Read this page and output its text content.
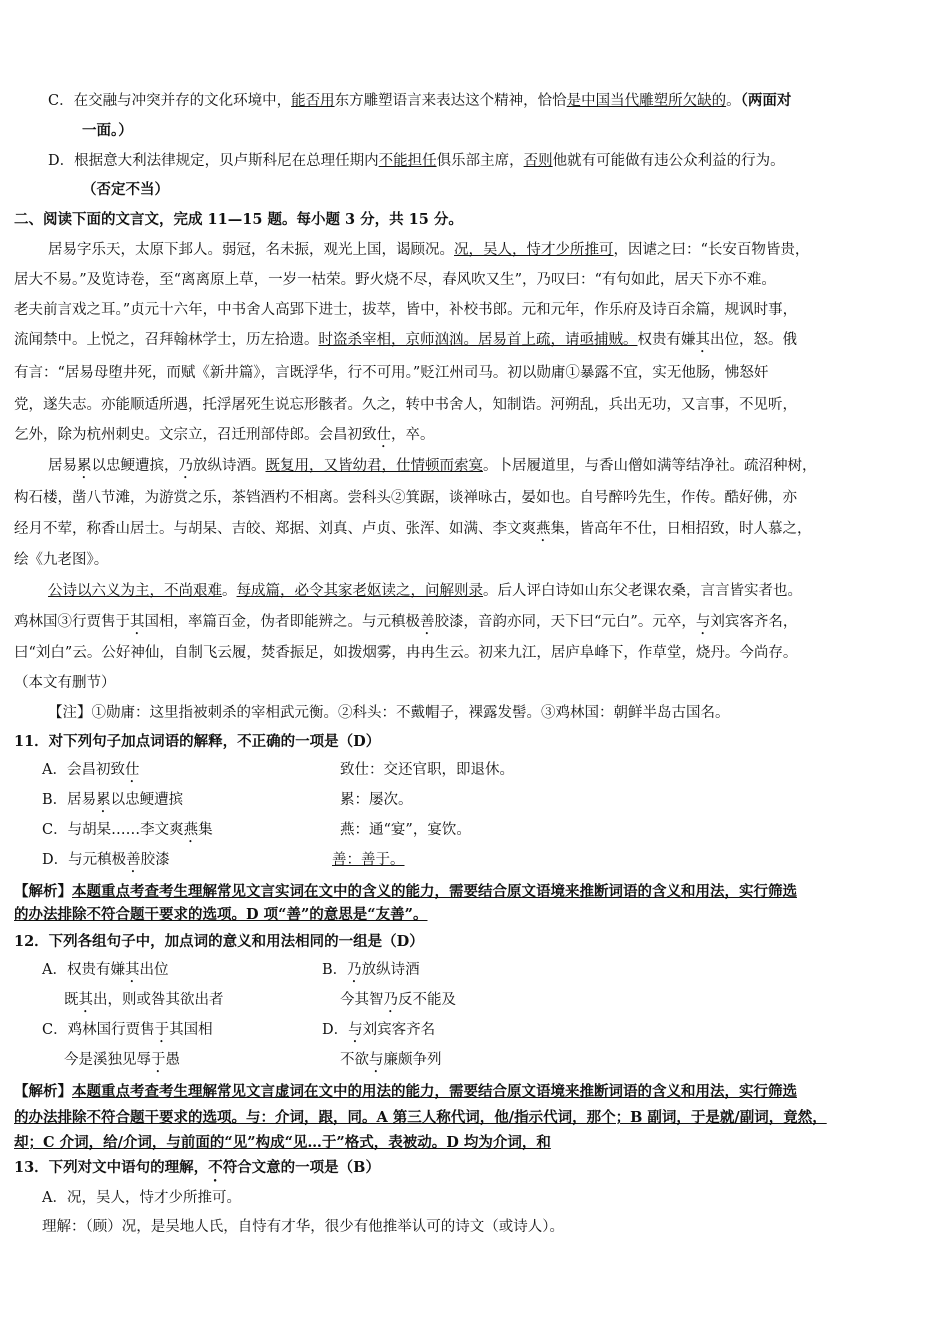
C．在交融与冲突并存的文化环境中，能否用东方雕塑语言来表达这个精神，恰恰是中国当代雕塑所欠缺的。（两面对
一面。）
D．根据意大利法律规定，贝卢斯科尼在总理任期内不能担任俱乐部主席，否则他就有可能做有违公众利益的行为。
（否定不当）
二、阅读下面的文言文，完成 11—15 题。每小题 3 分，共 15 分。
居易字乐天，太原下邽人。弱冠，名未振，观光上国，谒顾况。况，吴人，恃才少所推可，因谑之曰：“长安百物皆贵，
居大不易。”及览诗卷，至“离离原上草，一岁一枯荣。野火烧不尽，春风吹又生”，乃叹曰：“有句如此，居天下亦不难。
老夫前言戏之耳。”贞元十六年，中书舍人高郢下进士，拔萃，皆中，补校书郎。元和元年，作乐府及诗百余篇，规讽时事，
流闻禁中。上悦之，召拜翰林学士，历左拾遗。时盗杀宰相，京师汹汹。居易首上疏，请亟捕贼。权贵有嫌其出位，怒。俄
有言：“居易母堕井死，而赋《新井篇》，言既浮华，行不可用。”贬江州司马。初以勋庸①暴露不宜，实无他肠，怫怒奸
党，遂失志。亦能顺适所遇，托浮屠死生说忘形骸者。久之，转中书舍人，知制诰。河朔乱，兵出无功，又言事，不见听，
乞外，除为杭州刺史。文宗立，召迁刑部侍郎。会昌初致仕，卒。
居易累以忠鲠遭摈，乃放纵诗酒。既复用，又皆幼君，仕情顿而索寞。卜居履道里，与香山僧如满等结净社。疏沼种树，
构石楼，凿八节滩，为游赏之乐，茶铛酒杓不相离。尝科头②箕踞，谈禅咏古，晏如也。自号醉吟先生，作传。酷好佛，亦
经月不荤，称香山居士。与胡杲、吉皎、郑据、刘真、卢贞、张浑、如满、李文爽燕集，皆高年不仕，日相招致，时人慕之，
绘《九老图》。
公诗以六义为主，不尚艰难。每成篇，必令其家老妪读之，问解则录。后人评白诗如山东父老课农桑，言言皆实者也。
鸡林国③行贾售于其国相，率篇百金，伪者即能辨之。与元稹极善胶漆，音韵亦同，天下曰“元白”。元卒，与刘宾客齐名，
曰“刘白”云。公好神仙，自制飞云履，焚香振足，如拨烟雾，冉冉生云。初来九江，居庐阜峰下，作草堂，烧丹。今尚存。
（本文有删节）
【注】①勋庸：这里指被刺杀的宰相武元衡。②科头：不戴帽子，裸露发髻。③鸡林国：朝鲜半岛古国名。
11．对下列句子加点词语的解释，不正确的一项是（D）
A．会昌初致仕	致仕：交还官职，即退休。
B．居易累以忠鲠遭摈	累：屡次。
C．与胡杲……李文爽燕集	燕：通“宴”，宴饮。
D．与元稹极善胶漆	善：善于。
【解析】本题重点考查考生理解常见文言实词在文中的含义的能力，需要结合原文语境来推断词语的含义和用法，实行筛选
的办法排除不符合题干要求的选项。D 项“善”的意思是“友善”。
12．下列各组句子中，加点词的意义和用法相同的一组是（D）
A．权贵有嫌其出位	B．乃放纵诗酒
既其出，则或咎其欲出者	今其智乃反不能及
C．鸡林国行贾售于其国相	D．与刘宾客齐名
今是溪独见辱于愚	不欲与廉颇争列
【解析】本题重点考查考生理解常见文言虚词在文中的用法的能力，需要结合原文语境来推断词语的含义和用法，实行筛选
的办法排除不符合题干要求的选项。与：介词，跟，同。A 第三人称代词，他/指示代词，那个；B 副词，于是就/副词，竟然，
却；C 介词，给/介词，与前面的“见”构成“见…于”格式，表被动。D 均为介词，和
13．下列对文中语句的理解，不符合文意的一项是（B）
A．况，吴人，恃才少所推可。
理解：（顾）况，是吴地人氏，自恃有才华，很少有他推举认可的诗文（或诗人）。
